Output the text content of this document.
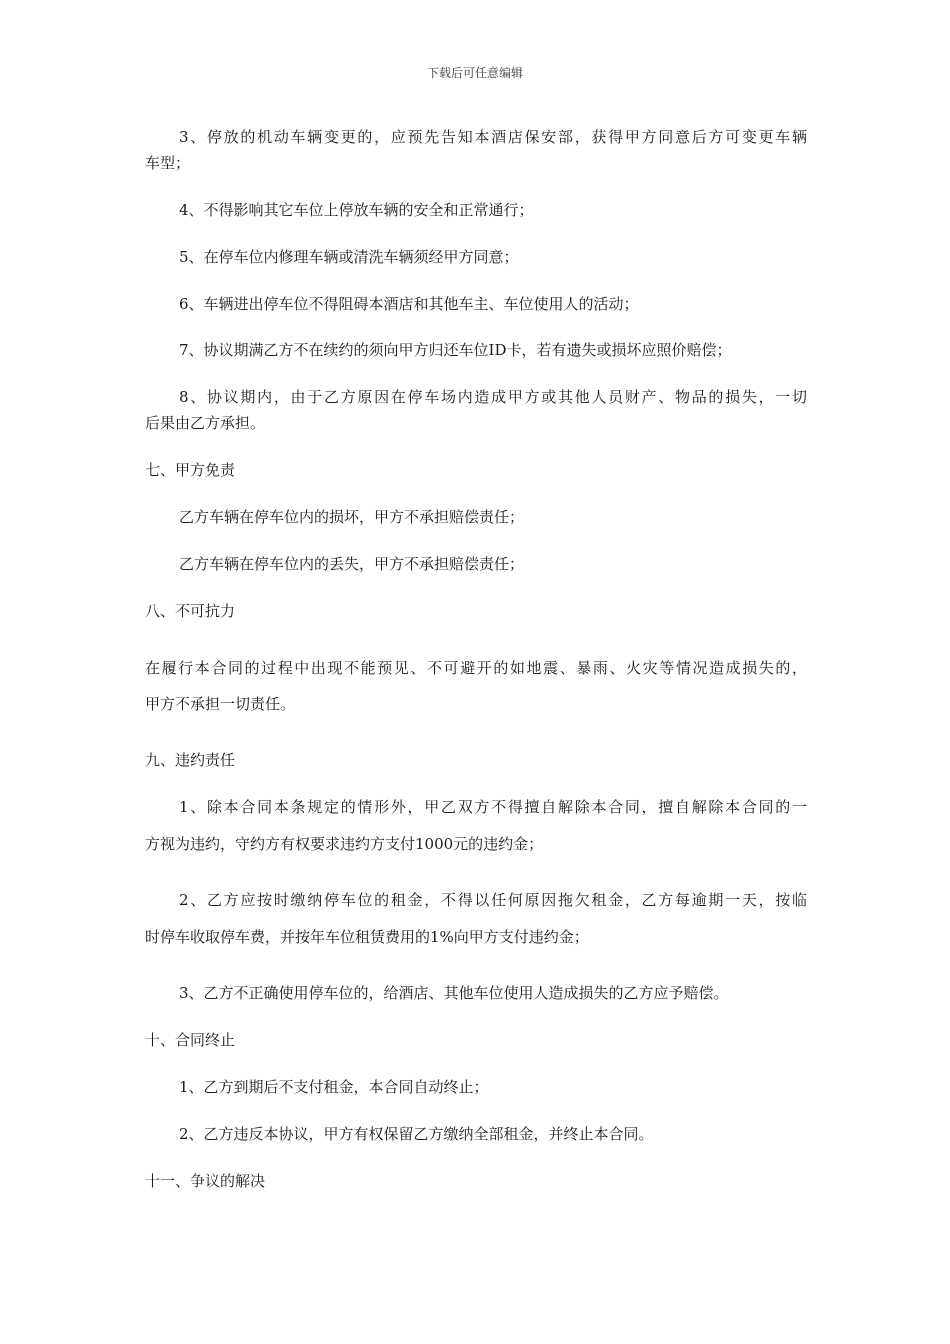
下载后可任意编辑

3、停放的机动车辆变更的，应预先告知本酒店保安部，获得甲方同意后方可变更车辆

车型；

4、不得影响其它车位上停放车辆的安全和正常通行；

5、在停车位内修理车辆或清洗车辆须经甲方同意；

6、车辆进出停车位不得阻碍本酒店和其他车主、车位使用人的活动；

7、协议期满乙方不在续约的须向甲方归还车位ID卡，若有遗失或损坏应照价赔偿；

8、协议期内，由于乙方原因在停车场内造成甲方或其他人员财产、物品的损失，一切

后果由乙方承担。

七、甲方免责

乙方车辆在停车位内的损坏，甲方不承担赔偿责任；

乙方车辆在停车位内的丢失，甲方不承担赔偿责任；

八、不可抗力

在履行本合同的过程中出现不能预见、不可避开的如地震、暴雨、火灾等情况造成损失的，

甲方不承担一切责任。

九、违约责任

1、除本合同本条规定的情形外，甲乙双方不得擅自解除本合同，擅自解除本合同的一

方视为违约，守约方有权要求违约方支付1000元的违约金；

2、乙方应按时缴纳停车位的租金，不得以任何原因拖欠租金，乙方每逾期一天，按临

时停车收取停车费，并按年车位租赁费用的1%向甲方支付违约金；

3、乙方不正确使用停车位的，给酒店、其他车位使用人造成损失的乙方应予赔偿。

十、合同终止

1、乙方到期后不支付租金，本合同自动终止；

2、乙方违反本协议，甲方有权保留乙方缴纳全部租金，并终止本合同。

十一、争议的解决
